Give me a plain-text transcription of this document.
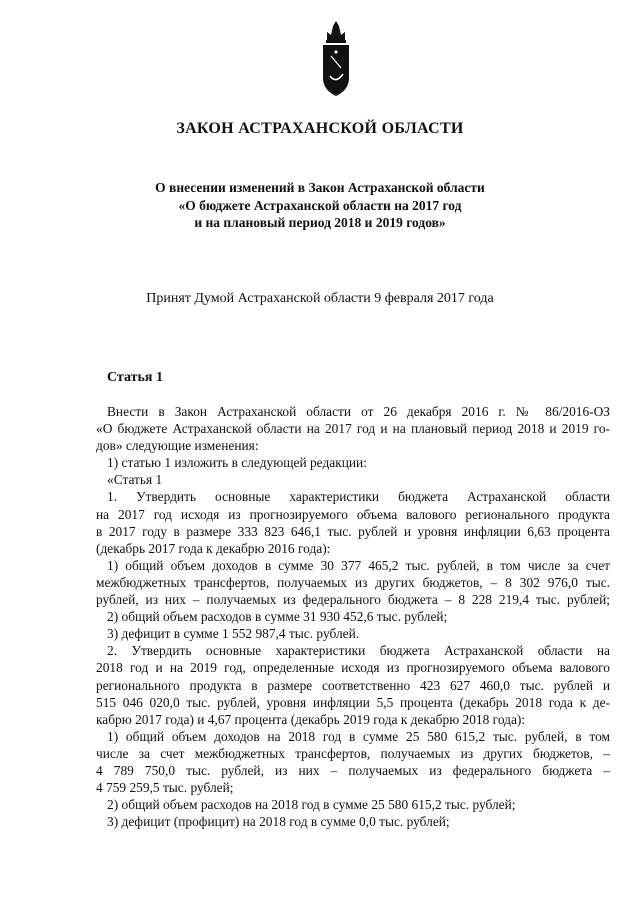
ЗАКОН АСТРАХАНСКОЙ ОБЛАСТИ
О внесении изменений в Закон Астраханской области
«О бюджете Астраханской области на 2017 год
и на плановый период 2018 и 2019 годов»
Принят Думой Астраханской области 9 февраля 2017 года
Статья 1
Внести в Закон Астраханской области от 26 декабря 2016 г. № 86/2016-ОЗ
«О бюджете Астраханской области на 2017 год и на плановый период 2018 и 2019 го-
дов» следующие изменения:
1) статью 1 изложить в следующей редакции:
«Статья 1
1. Утвердить основные характеристики бюджета Астраханской области
на 2017 год исходя из прогнозируемого объема валового регионального продукта
в 2017 году в размере 333 823 646,1 тыс. рублей и уровня инфляции 6,63 процента
(декабрь 2017 года к декабрю 2016 года):
1) общий объем доходов в сумме 30 377 465,2 тыс. рублей, в том числе за счет
межбюджетных трансфертов, получаемых из других бюджетов, – 8 302 976,0 тыс.
рублей, из них – получаемых из федерального бюджета – 8 228 219,4 тыс. рублей;
2) общий объем расходов в сумме 31 930 452,6 тыс. рублей;
3) дефицит в сумме 1 552 987,4 тыс. рублей.
2. Утвердить основные характеристики бюджета Астраханской области на
2018 год и на 2019 год, определенные исходя из прогнозируемого объема валового
регионального продукта в размере соответственно 423 627 460,0 тыс. рублей и
515 046 020,0 тыс. рублей, уровня инфляции 5,5 процента (декабрь 2018 года к де-
кабрю 2017 года) и 4,67 процента (декабрь 2019 года к декабрю 2018 года):
1) общий объем доходов на 2018 год в сумме 25 580 615,2 тыс. рублей, в том
числе за счет межбюджетных трансфертов, получаемых из других бюджетов, –
4 789 750,0 тыс. рублей, из них – получаемых из федерального бюджета –
4 759 259,5 тыс. рублей;
2) общий объем расходов на 2018 год в сумме 25 580 615,2 тыс. рублей;
3) дефицит (профицит) на 2018 год в сумме 0,0 тыс. рублей;
